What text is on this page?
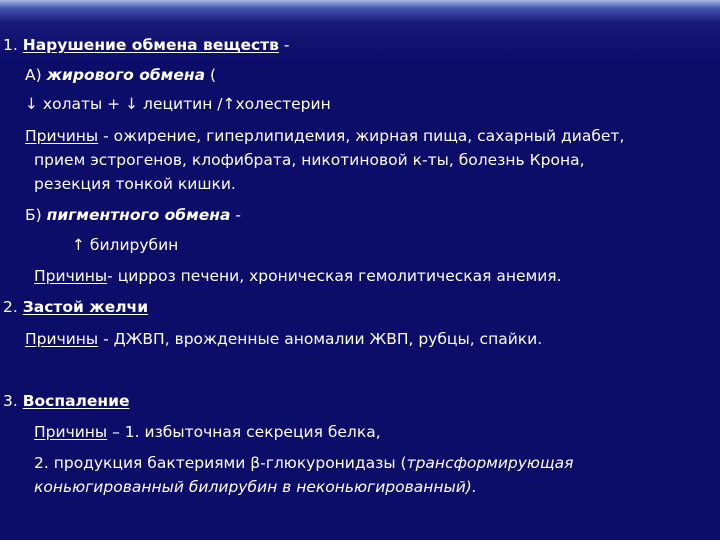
1. Нарушение обмена веществ -
А) жирового обмена (
↓ холаты + ↓ лецитин /↑холестерин
Причины - ожирение, гиперлипидемия, жирная пища, сахарный диабет,
прием эстрогенов, клофибрата, никотиновой к-ты, болезнь Крона,
резекция тонкой кишки.
Б) пигментного обмена -
↑ билирубин
Причины- цирроз печени, хроническая гемолитическая анемия.
2. Застой желчи
Причины - ДЖВП, врожденные аномалии ЖВП, рубцы, спайки.
3. Воспаление
Причины – 1. избыточная секреция белка,
2. продукция бактериями β-глюкуронидазы (трансформирующая
коньюгированный билирубин в неконьюгированный).
